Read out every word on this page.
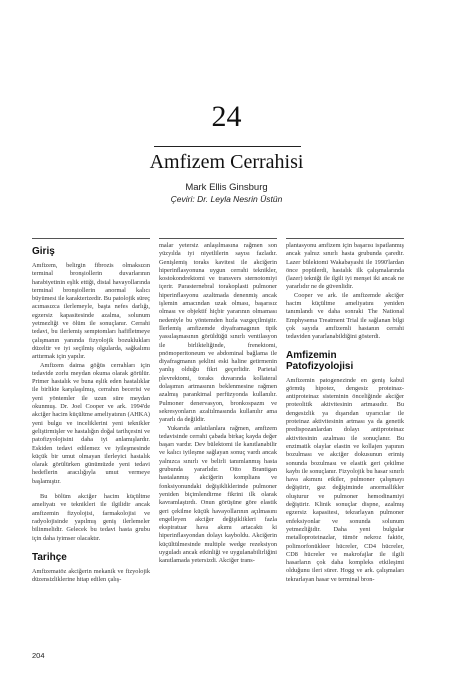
24
Amfizem Cerrahisi
Mark Ellis Ginsburg
Çeviri: Dr. Leyla Nesrin Üstün
Giriş

Amfizem, belirgin fibrozis olmaksızın terminal bronşiollerin duvarlarının harabiyetinin eşlik ettiği, distal havayollarında terminal bronşiollerin anormal kalıcı büyümesi ile karakterizedir. Bu patolojik süreç acımasızca ilerlemeyle, başta nefes darlığı, egzersiz kapasitesinde azalma, solunum yetmezliği ve ölüm ile sonuçlanır. Cerrahi tedavi, bu ilerlemiş semptomları hafifletmeye çalışmanın yanında fizyolojik bozuklukları düzeltir ve iyi seçilmiş olgularda, sağkalımı arttırmak için yapılır.

Amfizem daima göğüs cerrahları için tedavide zorlu meydan okuma olarak görülür. Primer hastalık ve buna eşlik eden hastalıklar ile birlikte karşılaşılmış, cerrahın becerisi ve yeni yöntemler ile uzun süre meydan okunmuş. Dr. Joel Cooper ve ark. 1994'de akciğer hacim küçültme ameliyatının (AHKA) yeni bulgu ve inceliklerini yeni teknikler geliştirmişler ve hastalığın doğal tarihçesini ve patofizyolojisini daha iyi anlamışlardır. Eskiden tedavi edilemez ve iyileşmesinde küçük bir umut olmayan ilerleyici hastalık olarak görülürken günümüzde yeni tedavi hedeflerin aracılığıyla umut vermeye başlamıştır.

Bu bölüm akciğer hacim küçültme ameliyatı ve teknikleri ile ilgilidir ancak amfizemin fizyolojisi, farmakolojisi ve radyolojisinde yapılmış geniş ilerlemeler bilinmelidir. Gelecek bu tedavi hasta grubu için daha iyimser olacaktır.

Tarihçe

Amfizematöz akciğerin mekanik ve fizyolojik düzensizliklerine hitap edilen çalış-

malar yetersiz anlaşılmasına rağmen son yüzyılda iyi niyetlilerin sayısı fazladır. Genişlemiş toraks kavitesi ile akciğerin hiperinflasyonuna uygun cerrahi teknikler, kostokondrektomi ve transvers sternotomiyi içerir. Parasternebral torakoplasti pulmoner hiperinflasyonu azaltmada denenmiş ancak işlemin amacından uzak olması, başarısız olması ve objektif hiçbir yararının olmaması nedeniyle bu yöntemden hızla vazgeçilmiştir. İlerlemiş amfizemde diyaframagının tipik yassılaşmasının görüldüğü sınırlı ventilasyon ile birlikteliğinde, frenektomi, pnömoperitoneum ve abdominal bağlama ile diyafragmanın şeklini eski haline getirmenin yanlış olduğu fikri geçerlidir. Parietal plevrektomi, toraks duvarında kollateral dolaşımın artmasının beklenmesine rağmen azalmış parankimal perfüzyonda kullanılır. Pulmoner denervasyon, bronkospazm ve sekresyonların azaltılmasında kullanılır ama yararlı da değildir.

Yukarıda anlatılanlara rağmen, amfizem tedavisinde cerrahi çabada birkaç kayda değer başarı vardır. Dev bülektomi ile kanıtlanabilir ve kalıcı iyileşme sağlayan sonuç vardı ancak yalnızca sınırlı ve belirli tanımlanmış hasta grubunda yararlıdır. Otto Brantigan hastalanmış akciğerin komplians ve fonksiyonundaki değişikliklerinde pulmoner yeniden biçimlendirme fikrini ilk olarak kavramlaştırdı. Onun görüşüne göre elastik geri çekilme küçük havayollarının açılmasını engelleyen akciğer değişiklikleri fazla ekspiratuar hava akımı artacaktı ki hiperinflasyondan dolayı kayboldu. Akciğerin küçültülmesinde multiple wedge rezeksiyon uyguladı ancak etkinliği ve uygulanabilirliğini kanıtlamada yetersizdi. Akciğer trans-

plantasyonu amfizem için başarısı ispatlanmış ancak yalnız sınırlı hasta grubunda çaredir. Lazer bülektomi Wakabayashi ile 1990'lardan önce popülerdi, hastalık ilk çalışmalarında (lazer) tekniği ile ilgili iyi menşei iki ancak ne yararlıdır ne de güvenlidir.

Cooper ve ark. ile amfizemde akciğer hacim küçültme ameliyatını yeniden tanımlandı ve daha sonraki The National Emphysema Treatment Trial ile sağlanan bilgi çok sayıda amfizemli hastanın cerrahi tedaviden yararlanabildiğini gösterdi.

Amfizemin Patofizyolojisi

Amfizemin patogenezinde en geniş kabul görmüş hipotez, dengesiz proteinaz-antiproteinaz sisteminin önceliğinde akciğer proteolitik aktivitesinin artmasıdır. Bu dengesizlik ya dışarıdan uyarıcılar ile proteinaz aktivitesinin artması ya da genetik predispozanlardan dolayı antiproteinaz aktivitesinin azalması ile sonuçlanır. Bu enzimatik olaylar elastin ve kollajen yapının bozulması ve akciğer dokusunun erimiş sonunda bozulması ve elastik geri çekilme kaybı ile sonuçlanır. Fizyolojik bu hasar sınırlı hava akımını etkiler, pulmoner çalışmayı değiştirir, gaz değişiminde anormallikler oluşturur ve pulmoner hemodinamiyi değiştirir. Klinik sonuçlar dispne, azalmış egzersiz kapasitesi, tekrarlayan pulmoner enfeksiyonlar ve sonunda solunum yetmezliğidir. Daha yeni bulgular metalloproteinazlar, tümör nekroz faktör, polimorfonükleer hücreler, CD4 hücreler, CD8 hücreler ve makrofajlar ile ilgili hasarların çok daha kompleks etkileşimi olduğunu ileri sürer. Hogg ve ark. çalışmaları tekrarlayan hasar ve terminal bron-

204
